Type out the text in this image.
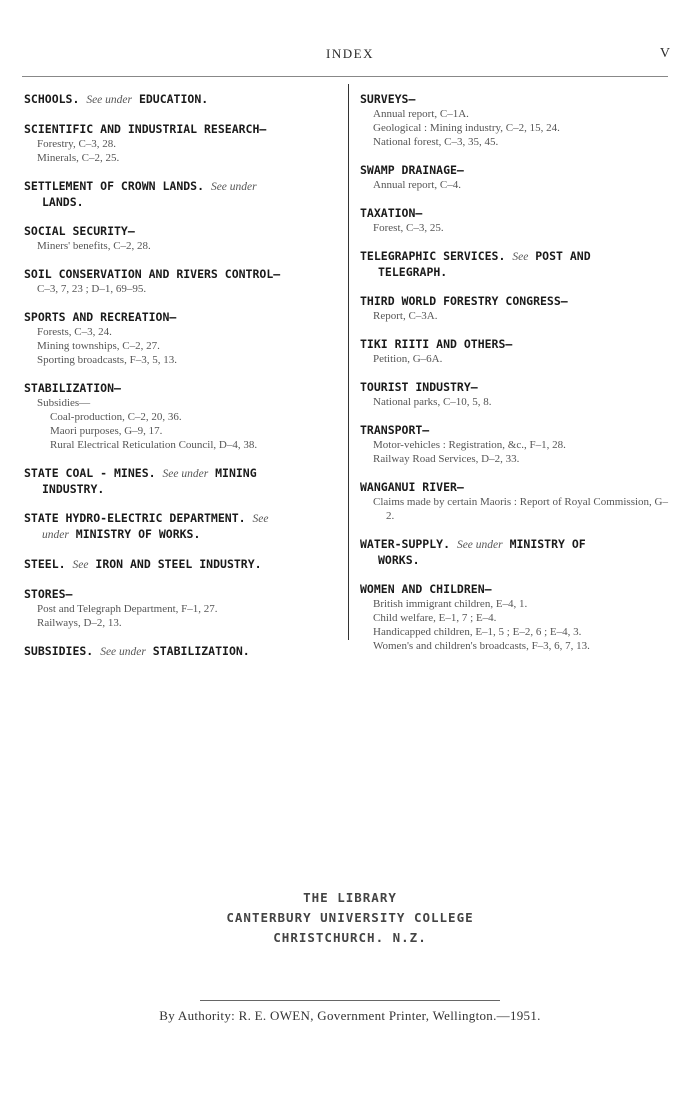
INDEX	V
SCHOOLS. See under EDUCATION.
SCIENTIFIC AND INDUSTRIAL RESEARCH—
Forestry, C–3, 28.
Minerals, C–2, 25.
SETTLEMENT OF CROWN LANDS. See under
LANDS.
SOCIAL SECURITY—
Miners' benefits, C–2, 28.
SOIL CONSERVATION AND RIVERS CONTROL—
C–3, 7, 23 ; D–1, 69–95.
SPORTS AND RECREATION—
Forests, C–3, 24.
Mining townships, C–2, 27.
Sporting broadcasts, F–3, 5, 13.
STABILIZATION—
Subsidies—
Coal-production, C–2, 20, 36.
Maori purposes, G–9, 17.
Rural Electrical Reticulation Council, D–4, 38.
STATE COAL - MINES. See under MINING
INDUSTRY.
STATE HYDRO-ELECTRIC DEPARTMENT. See
under MINISTRY OF WORKS.
STEEL. See IRON AND STEEL INDUSTRY.
STORES—
Post and Telegraph Department, F–1, 27.
Railways, D–2, 13.
SUBSIDIES. See under STABILIZATION.
SURVEYS—
Annual report, C–1A.
Geological : Mining industry, C–2, 15, 24.
National forest, C–3, 35, 45.
SWAMP DRAINAGE—
Annual report, C–4.
TAXATION—
Forest, C–3, 25.
TELEGRAPHIC SERVICES. See POST AND
TELEGRAPH.
THIRD WORLD FORESTRY CONGRESS—
Report, C–3A.
TIKI RIITI AND OTHERS—
Petition, G–6A.
TOURIST INDUSTRY—
National parks, C–10, 5, 8.
TRANSPORT—
Motor-vehicles : Registration, &c., F–1, 28.
Railway Road Services, D–2, 33.
WANGANUI RIVER—
Claims made by certain Maoris : Report of Royal Commission, G–2.
WATER-SUPPLY. See under MINISTRY OF
WORKS.
WOMEN AND CHILDREN—
British immigrant children, E–4, 1.
Child welfare, E–1, 7 ; E–4.
Handicapped children, E–1, 5 ; E–2, 6 ; E–4, 3.
Women's and children's broadcasts, F–3, 6, 7, 13.
THE LIBRARY
CANTERBURY UNIVERSITY COLLEGE
CHRISTCHURCH. N.Z.
By Authority: R. E. OWEN, Government Printer, Wellington.—1951.
